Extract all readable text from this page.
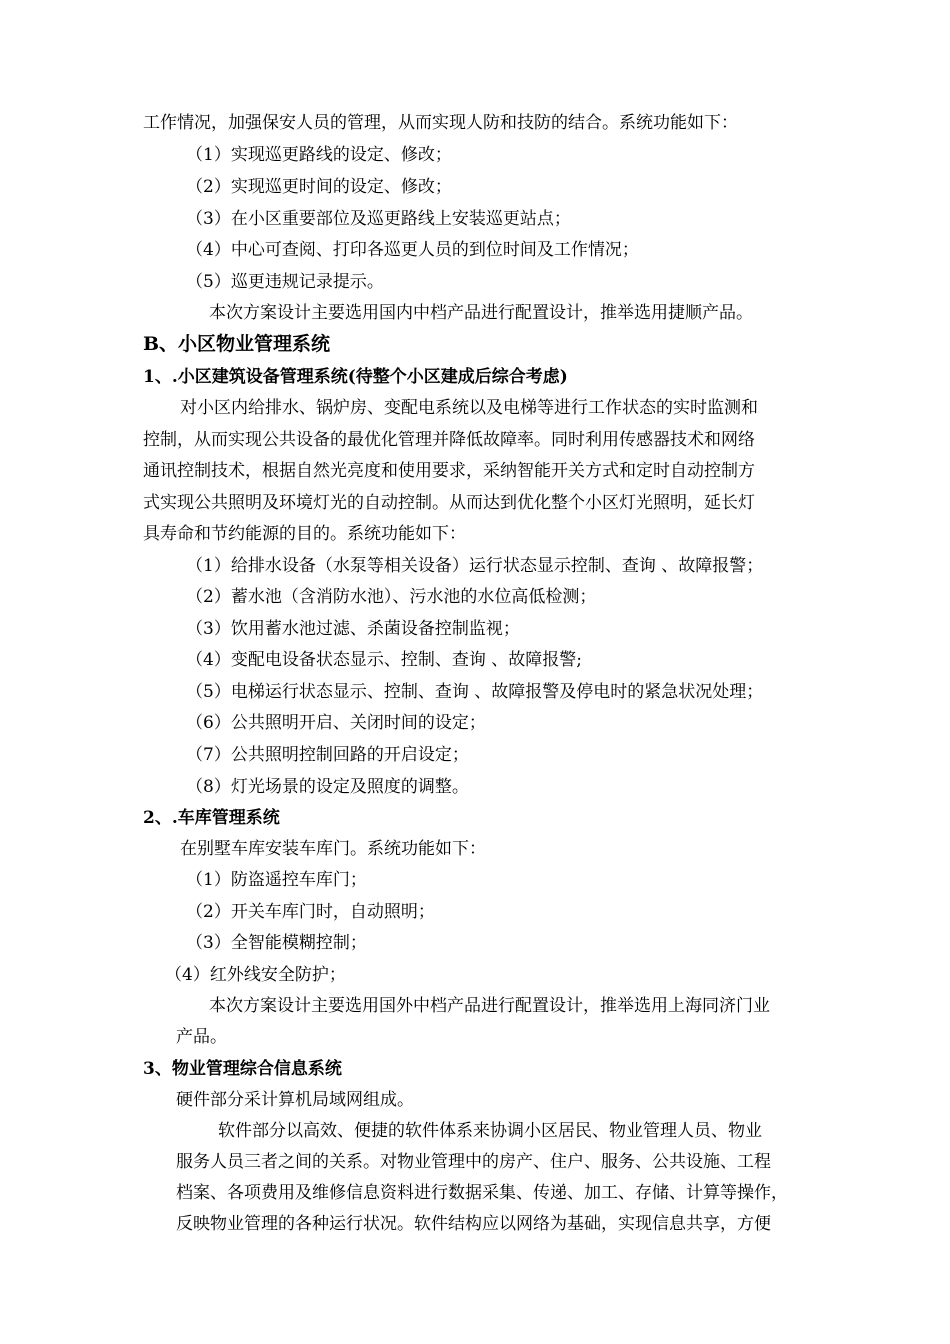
工作情况，加强保安人员的管理，从而实现人防和技防的结合。系统功能如下：
（1）实现巡更路线的设定、修改；
（2）实现巡更时间的设定、修改；
（3）在小区重要部位及巡更路线上安装巡更站点；
（4）中心可查阅、打印各巡更人员的到位时间及工作情况；
（5）巡更违规记录提示。
本次方案设计主要选用国内中档产品进行配置设计，推举选用捷顺产品。
B、小区物业管理系统
1、.小区建筑设备管理系统(待整个小区建成后综合考虑)
对小区内给排水、锅炉房、变配电系统以及电梯等进行工作状态的实时监测和
控制，从而实现公共设备的最优化管理并降低故障率。同时利用传感器技术和网络
通讯控制技术，根据自然光亮度和使用要求，采纳智能开关方式和定时自动控制方
式实现公共照明及环境灯光的自动控制。从而达到优化整个小区灯光照明，延长灯
具寿命和节约能源的目的。系统功能如下：
（1）给排水设备（水泵等相关设备）运行状态显示控制、查询 、故障报警；
（2）蓄水池（含消防水池）、污水池的水位高低检测；
（3）饮用蓄水池过滤、杀菌设备控制监视；
（4）变配电设备状态显示、控制、查询 、故障报警;
（5）电梯运行状态显示、控制、查询 、故障报警及停电时的紧急状况处理；
（6）公共照明开启、关闭时间的设定；
（7）公共照明控制回路的开启设定；
（8）灯光场景的设定及照度的调整。
2、.车库管理系统
在别墅车库安装车库门。系统功能如下：
（1）防盗遥控车库门；
（2）开关车库门时，自动照明；
（3）全智能模糊控制；
（4）红外线安全防护；
本次方案设计主要选用国外中档产品进行配置设计，推举选用上海同济门业
产品。
3、物业管理综合信息系统
硬件部分采计算机局域网组成。
软件部分以高效、便捷的软件体系来协调小区居民、物业管理人员、物业
服务人员三者之间的关系。对物业管理中的房产、住户、服务、公共设施、工程
档案、各项费用及维修信息资料进行数据采集、传递、加工、存储、计算等操作，
反映物业管理的各种运行状况。软件结构应以网络为基础，实现信息共享，方便
